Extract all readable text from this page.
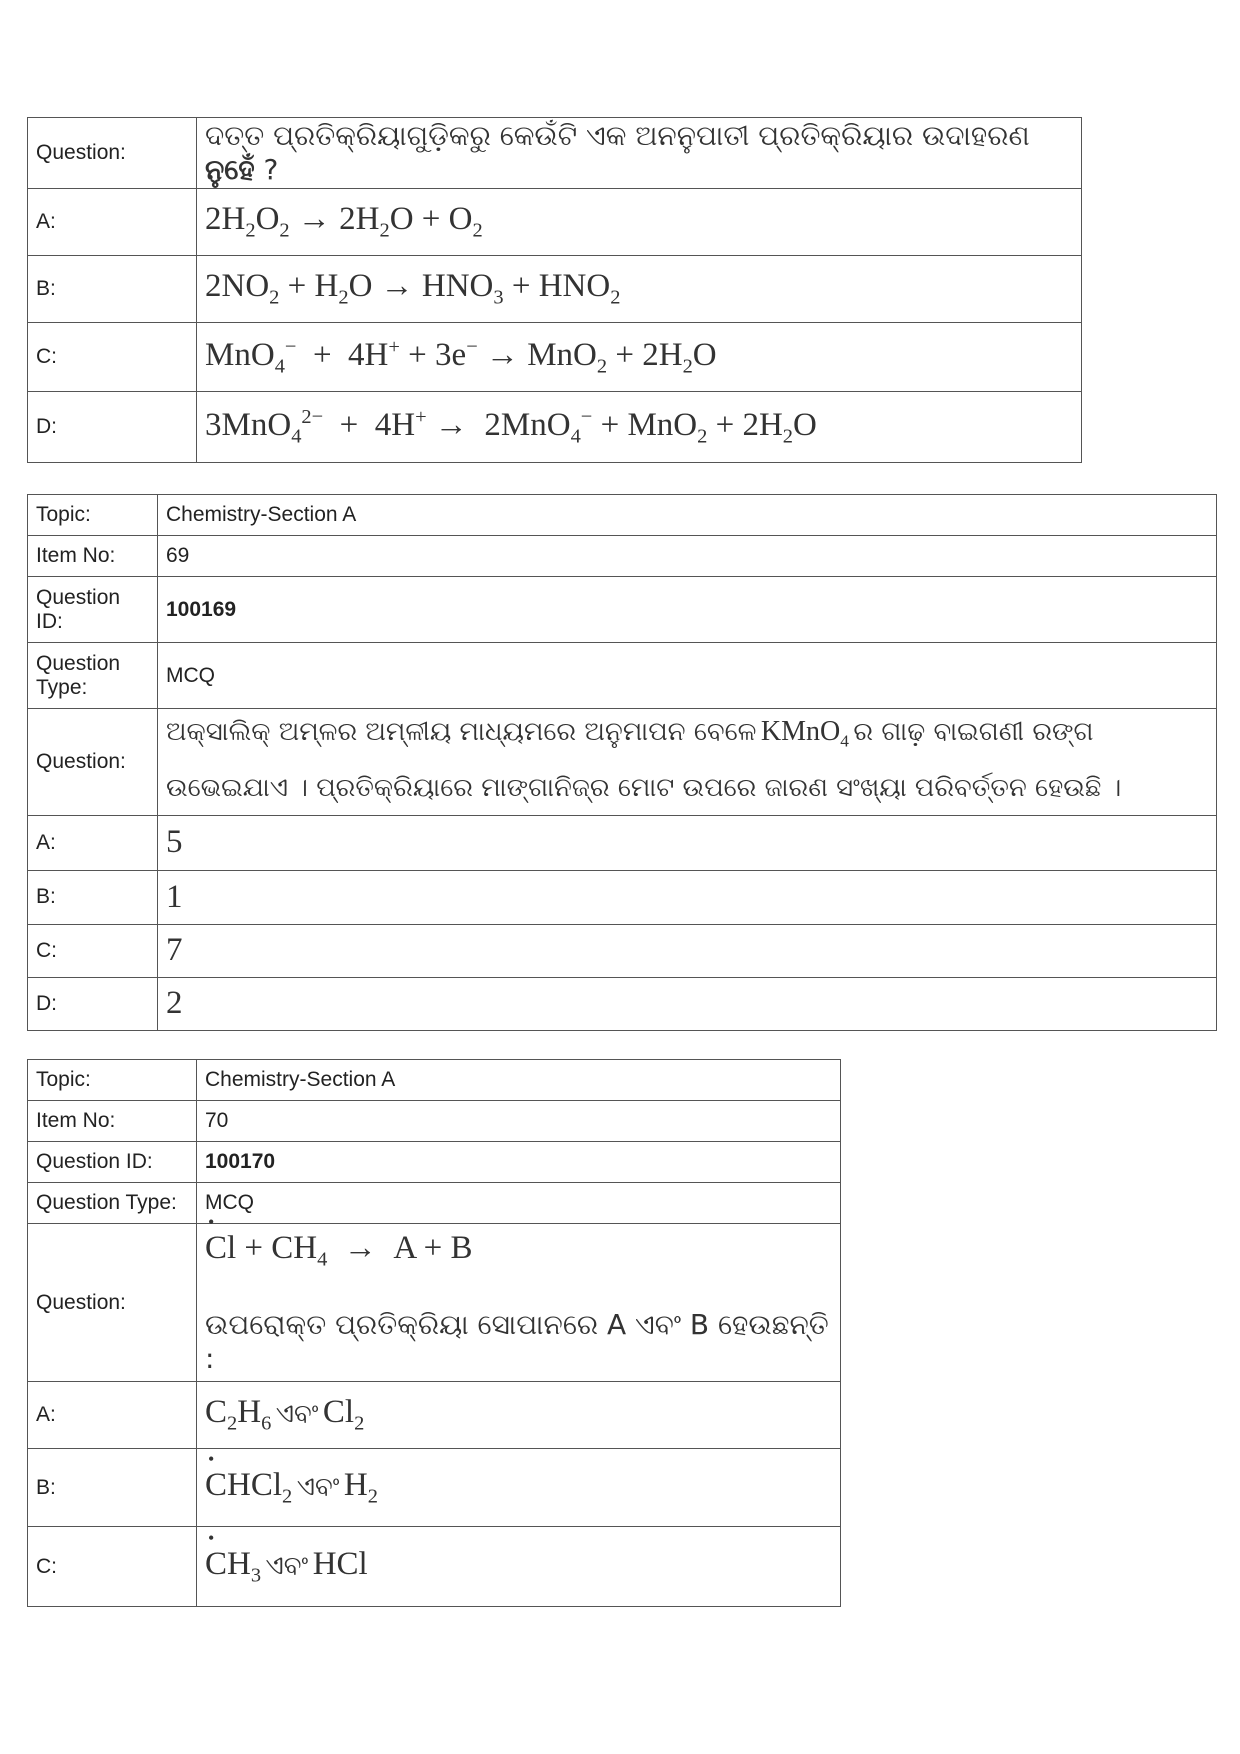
Question:	ଦତ୍ତ ପ୍ରତିକ୍ରିୟାଗୁଡ଼ିକରୁ କେଉଁଟି ଏକ ଅନନୁପାତୀ ପ୍ରତିକ୍ରିୟାର ଉଦାହରଣ ନୁହେଁ ?
A:	$2H_2O_2 \to 2H_2O + O_2$
B:	$2NO_2 + H_2O \to HNO_3 + HNO_2$
C:	$MnO_4^- + 4H^+ + 3e^- \to MnO_2 + 2H_2O$
D:	$3MnO_4^{2-} + 4H^+ \to 2MnO_4^- + MnO_2 + 2H_2O$
Topic:	Chemistry-Section A
Item No:	69
Question ID:	100169
Question Type:	MCQ
Question:	ଅକ୍ସାଲିକ୍ ଅମ୍ଳର ଅମ୍ଳୀୟ ମାଧ୍ୟମରେ ଅନୁମାପନ ବେଳେ KMnO$_4$ ର ଗାଢ଼ ବାଇଗଣୀ ରଙ୍ଗ ଉଭେଇଯାଏ । ପ୍ରତିକ୍ରିୟାରେ ମାଙ୍ଗାନିଜ୍‌ର ମୋଟ ଉପରେ ଜାରଣ ସଂଖ୍ୟା ପରିବର୍ତ୍ତନ ହେଉଛି ।
A:	5
B:	1
C:	7
D:	2
Topic:	Chemistry-Section A
Item No:	70
Question ID:	100170
Question Type:	MCQ
Question:	• $Cl + CH_4 \to A + B$
ଉପରୋକ୍ତ ପ୍ରତିକ୍ରିୟା ସୋପାନରେ A ଏବଂ B ହେଉଛନ୍ତି :

A:	$C_2H_6$ ଏବଂ $Cl_2$
B:	• CHCl$_2$ ଏବଂ $H_2$
C:	• $CH_3$ ଏବଂ HCl
